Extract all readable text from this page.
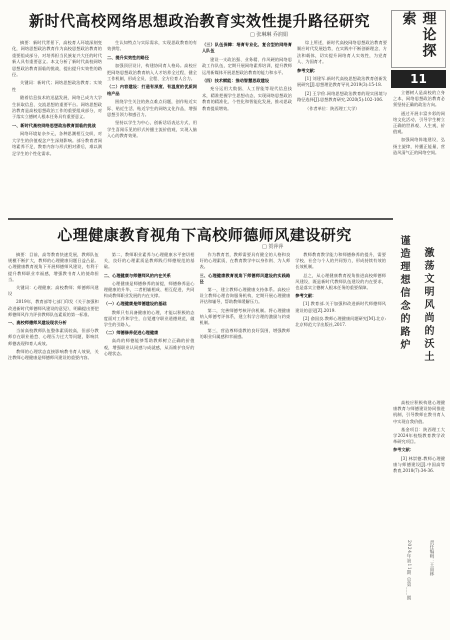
新时代高校网络思想政治教育实效性提升路径研究
□ 张琳琳 乔润娟

摘要：新时代背景下，高校育人环境深刻变化，网络思想政治教育作为高校思想政治教育的重要组成部分，对培养担当民族复兴大任的时代新人具有重要意义。本文分析了新时代高校网络思想政治教育面临的挑战，提出提升实效性的路径。

关键词：新时代；网络思想政治教育；实效性

随着信息技术的迅猛发展，网络已成为大学生获取信息、交流思想的重要平台。网络思想政治教育是高校思想政治工作的重要组成部分，对于落实立德树人根本任务具有重要意义。

一、新时代高校网络思想政治教育面临的挑战

网络环境复杂多元，各种思潮相互交织，对大学生的价值观念产生深刻影响。部分教育者网络素养不足，教育内容与形式相对滞后，难以满足学生的个性化需求。

生认知特点与实际需求，实现思政教育的有效供给。

二、提升实效性的路径

加强顶层设计，构建协同育人格局。高校应把网络思想政治教育纳入人才培养全过程，健全工作机制，形成全员、全程、全方位育人合力。

（二）内容建设：打造有深度、有温度的优质网络产品

围绕学生关注的热点难点问题，创作贴近实际、贴近生活、贴近学生的网络文化作品，增强思想引领力和感召力。

坚持以学生为中心，创新话语表达方式，用学生喜闻乐见的形式传播主流价值观，实现入脑入心的教育效果。

（三）队伍保障：培育专业化、复合型的网络育人队伍

建设一支政治强、业务精、作风硬的网络思政工作队伍，定期开展网络素养培训，提升教师运用新媒体开展思想政治教育的能力和水平。

（四）技术赋能：推动智慧思政建设

充分运用大数据、人工智能等现代信息技术，精准把握学生思想动态，实现网络思想政治教育的精准化、个性化和智能化发展，推动思政教育提质增效。

综上所述，新时代高校网络思想政治教育要顺应时代发展趋势，在实践中不断创新理念、方法和载体，切实提升网络育人实效性，为党育人、为国育才。

参考文献：

[1] 刘建军.新时代高校思想政治教育创新发展研究[J].思想理论教育导刊,2019(3):15-18.

[2] 王学俭.网络思想政治教育的现实困境与路径选择[J].思想教育研究,2020(5):102-106.

（作者单位：陕西理工大学）

心理健康教育视角下高校师德师风建设研究
□ 贺萍萍

摘要：目前，高等教育快速发展，教师队伍规模不断扩大，教师的心理健康问题日益凸显。心理健康教育视角下开展师德师风建设，有利于提升教师职业幸福感，增强教书育人的使命担当。

关键词：心理健康；高校教师；师德师风建设

2019年，教育部等七部门印发《关于加强和改进新时代师德师风建设的意见》，明确提出要把师德师风作为评价教师队伍素质的第一标准。

一、高校师德师风建设现状分析

当前高校教师队伍整体素质较高，但部分教师存在职业倦怠、心理压力过大等问题，影响其师德表现和育人成效。

教师的心理状态直接影响教书育人效果，关注教师心理健康是师德师风建设的重要内容。

第二，教师职业素养与心理健康水平密切相关，良好的心理素质是教师践行师德规范的基础。

二、心理健康与师德师风的内在关系

心理健康是师德修养的前提，师德修养是心理健康的升华，二者相辅相成、相互促进，共同构成教师职业发展的内在支撑。

（一）心理健康是师德建设的基础

教师只有具备健康的心理，才能以积极的态度面对工作和学生，自觉遵守职业道德规范，做学生的引路人。

（二）师德修养促进心理健康

高尚的师德能够帮助教师树立正确的价值观，增强职业认同感与成就感，从而维护良好的心理状态。

作为教育者，教师需要具有健全的人格和良好的心理素质，在教育教学中以身作则、为人师表。

三、心理健康教育视角下师德师风建设的实践路径

第一，建立教师心理健康支持体系。高校应设立教师心理咨询服务机构，定期开展心理健康评估和辅导，帮助教师缓解压力。

第二，完善师德考核评价机制。将心理健康纳入师德考评体系，建立科学合理的激励与约束机制。

第三，营造尊师重教的良好氛围，增强教师的职业归属感和幸福感。

教师教育教学能力和师德修养的提升，需要学校、社会与个人的共同努力，形成持续有效的长效机制。

总之，从心理健康教育视角推进高校师德师风建设，既是新时代教师队伍建设的内在要求，也是落实立德树人根本任务的重要保障。

参考文献：

[1] 教育部.关于加强和改进新时代师德师风建设的意见[Z].2019.

[2] 俞国良.教师心理健康问题研究[M].北京:北京师范大学出版社,2017.

理论探索
11

立德树人是高校的立身之本，网络思想政治教育必须坚持正确的政治方向。

通过开展丰富多彩的网络文化活动，引导学生树立正确的世界观、人生观、价值观。

加强网络阵地建设，弘扬主旋律，传播正能量，营造风清气正的网络空间。

谨造理想信念的路炉 激荡文明风尚的沃土

高校应积极构建心理健康教育与师德建设协同推进机制，引导教师在教书育人中实现自我价值。

基金项目：陕西理工大学2024年校级教育教学改革研究项目。

参考文献：

[3] 林崇德.教师心理健康与师德建设[J].中国高等教育,2018(7):34-36.

2024年第11期 总第___期	责任编辑：王雨林
